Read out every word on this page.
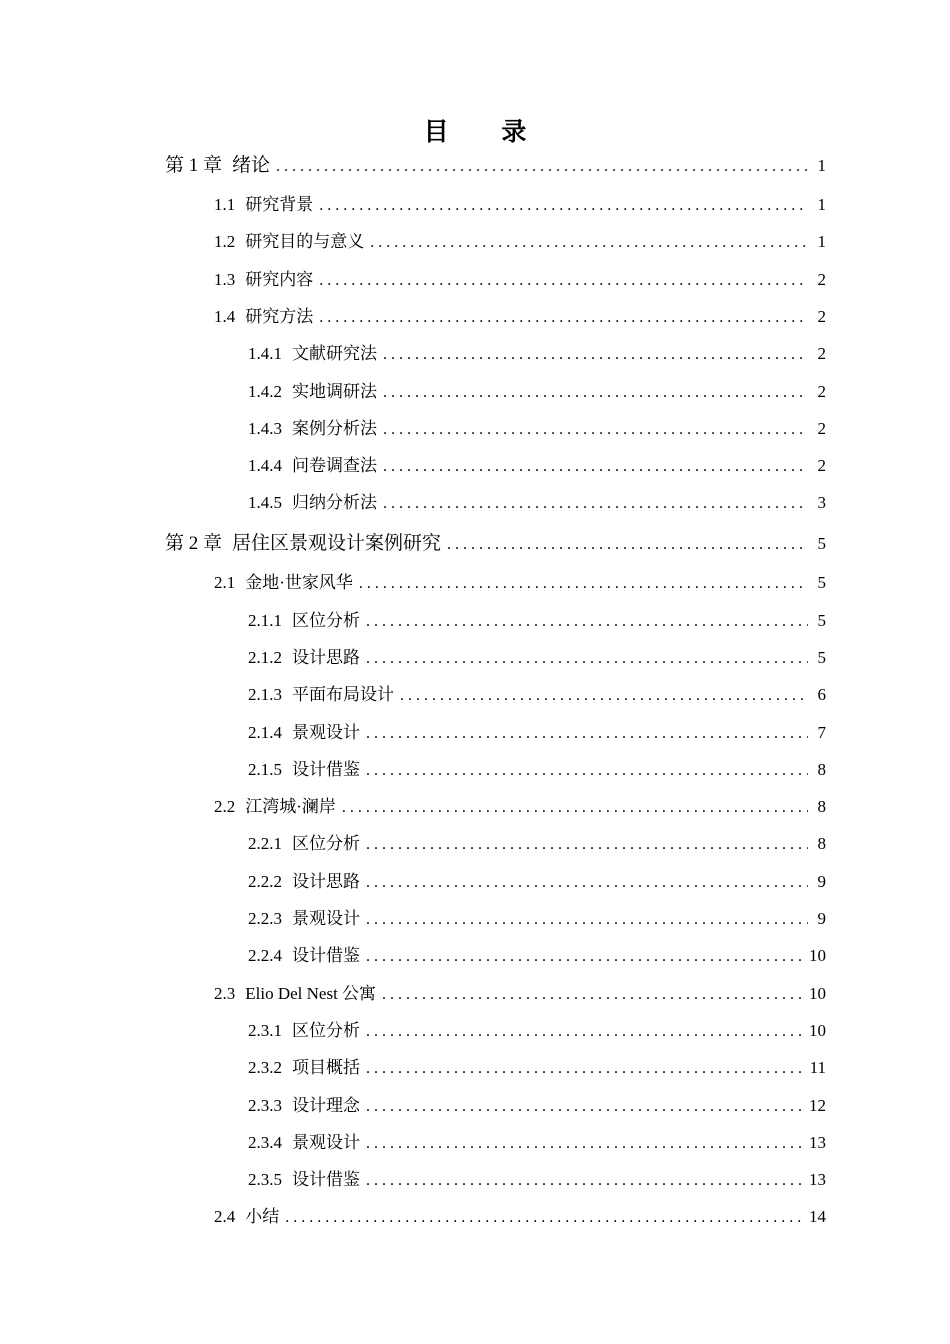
目 录
第 1 章 绪论 . . .	1
1.1 研究背景 . . .	1
1.2 研究目的与意义 . . .	1
1.3 研究内容 . . .	2
1.4 研究方法 . . .	2
1.4.1 文献研究法 . . .	2
1.4.2 实地调研法 . . .	2
1.4.3 案例分析法 . . .	2
1.4.4 问卷调查法 . . .	2
1.4.5 归纳分析法 . . .	3
第 2 章 居住区景观设计案例研究 . . .	5
2.1 金地·世家风华 . . .	5
2.1.1 区位分析 . . .	5
2.1.2 设计思路 . . .	5
2.1.3 平面布局设计 . . .	6
2.1.4 景观设计 . . .	7
2.1.5 设计借鉴 . . .	8
2.2 江湾城·澜岸 . . .	8
2.2.1 区位分析 . . .	8
2.2.2 设计思路 . . .	9
2.2.3 景观设计 . . .	9
2.2.4 设计借鉴 . . .	10
2.3 Elio Del Nest 公寓 . . .	10
2.3.1 区位分析 . . .	10
2.3.2 项目概括 . . .	11
2.3.3 设计理念 . . .	12
2.3.4 景观设计 . . .	13
2.3.5 设计借鉴 . . .	13
2.4 小结 . . .	14
